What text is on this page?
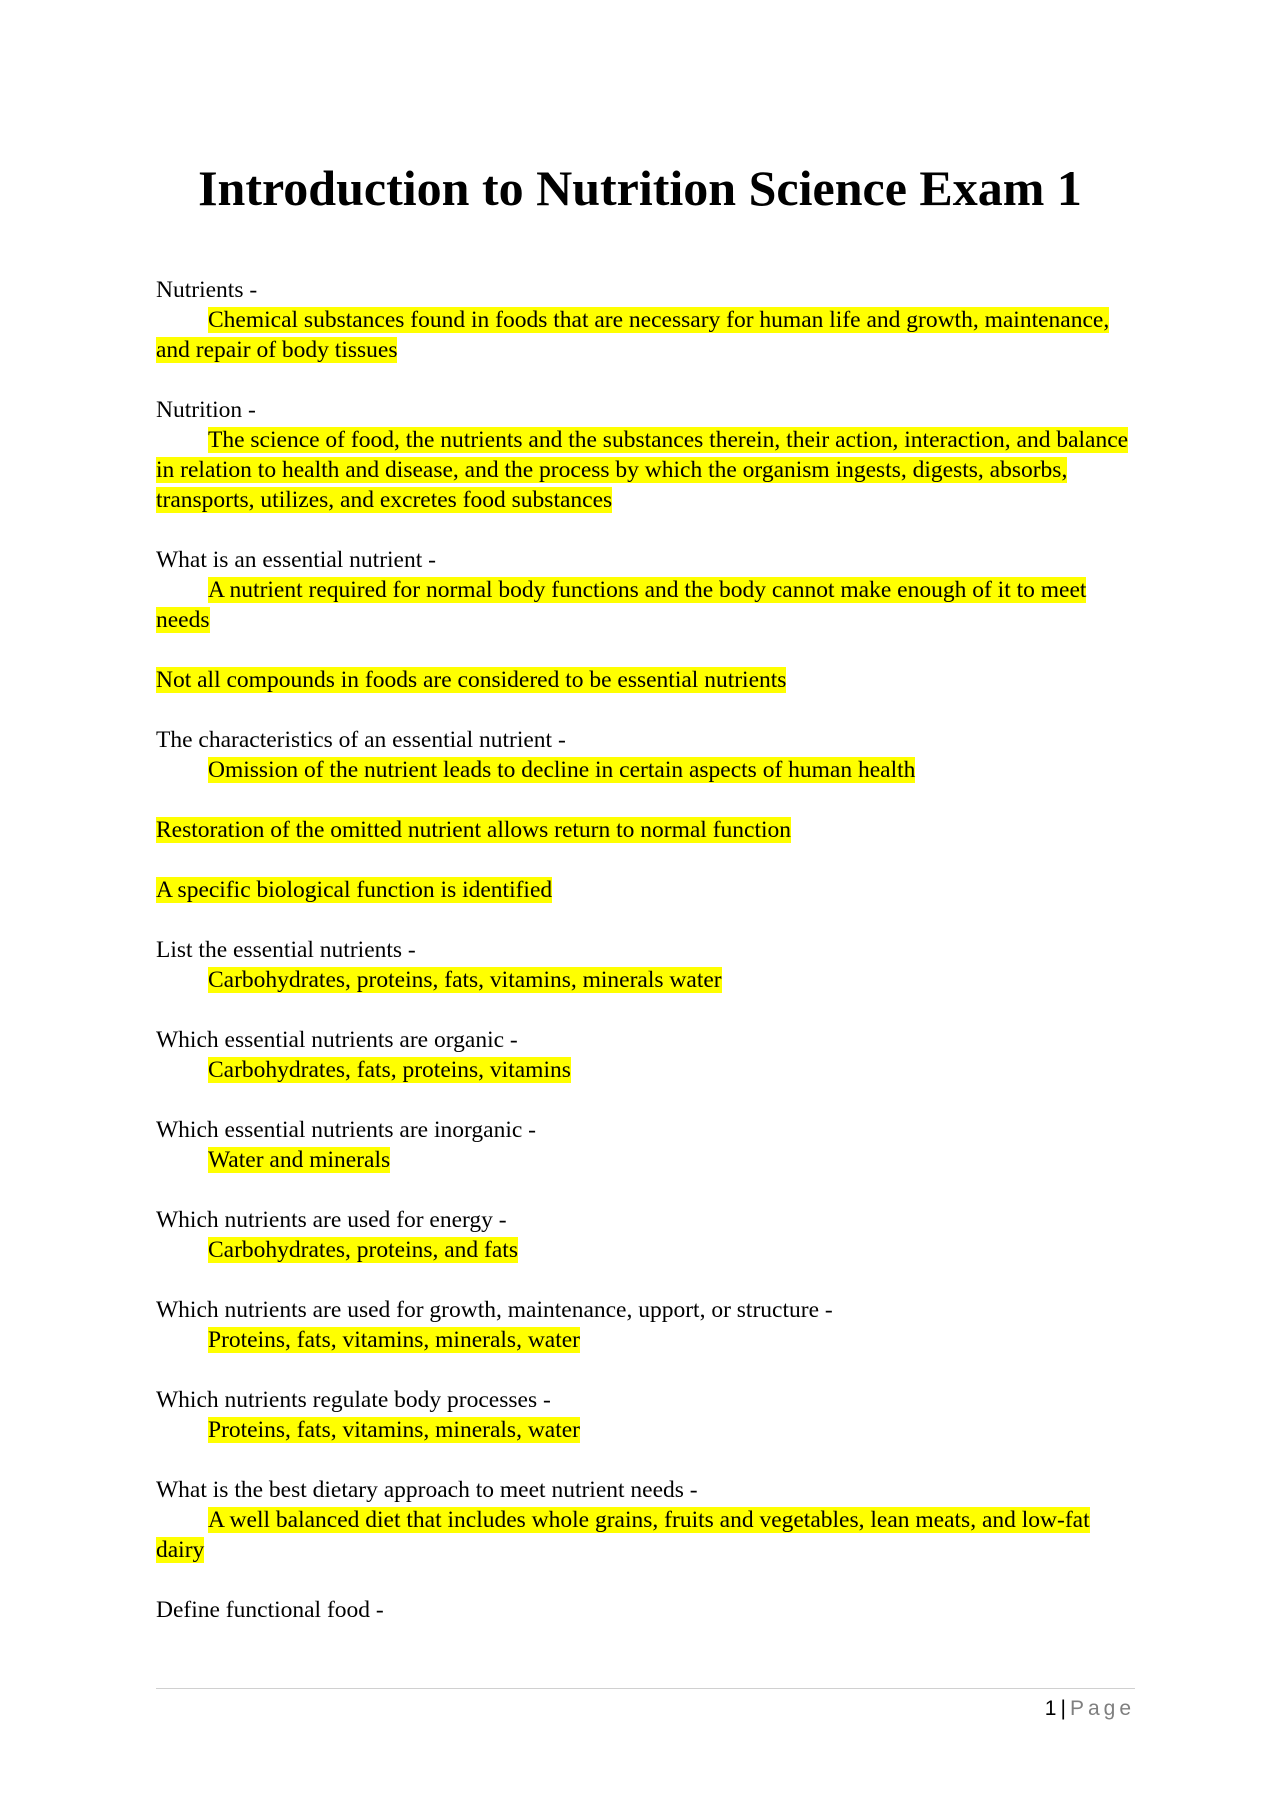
Introduction to Nutrition Science Exam 1
Nutrients -
Chemical substances found in foods that are necessary for human life and growth, maintenance, and repair of body tissues
Nutrition -
The science of food, the nutrients and the substances therein, their action, interaction, and balance in relation to health and disease, and the process by which the organism ingests, digests, absorbs, transports, utilizes, and excretes food substances
What is an essential nutrient -
A nutrient required for normal body functions and the body cannot make enough of it to meet needs
Not all compounds in foods are considered to be essential nutrients
The characteristics of an essential nutrient -
Omission of the nutrient leads to decline in certain aspects of human health
Restoration of the omitted nutrient allows return to normal function
A specific biological function is identified
List the essential nutrients -
Carbohydrates, proteins, fats, vitamins, minerals water
Which essential nutrients are organic -
Carbohydrates, fats, proteins, vitamins
Which essential nutrients are inorganic -
Water and minerals
Which nutrients are used for energy -
Carbohydrates, proteins, and fats
Which nutrients are used for growth, maintenance, upport, or structure -
Proteins, fats, vitamins, minerals, water
Which nutrients regulate body processes -
Proteins, fats, vitamins, minerals, water
What is the best dietary approach to meet nutrient needs -
A well balanced diet that includes whole grains, fruits and vegetables, lean meats, and low-fat dairy
Define functional food -
1 | Page
